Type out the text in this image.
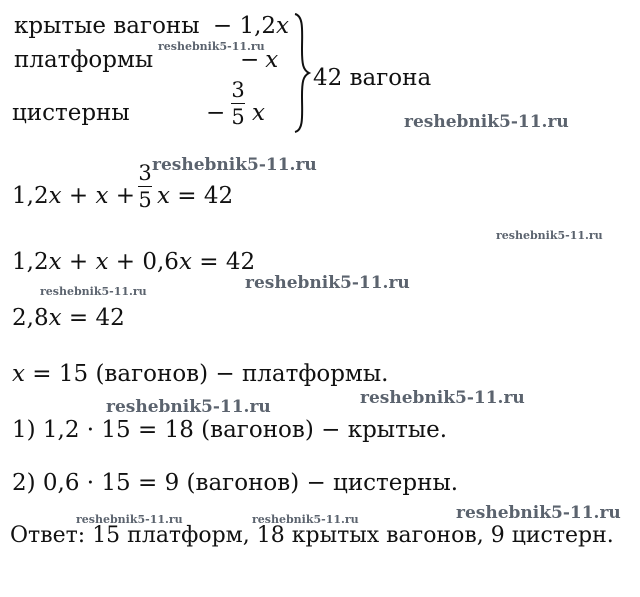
крытые вагоны − 1,2x
платформы	− x
цистерны	−
3
5 x
42 вагона
1,2x + x +
3
5 x = 42
1,2x + x + 0,6x = 42
2,8x = 42
x = 15 (вагонов) − платформы.
1) 1,2 · 15 = 18 (вагонов) − крытые.
2) 0,6 · 15 = 9 (вагонов) − цистерны.
Ответ: 15 платформ, 18 крытых вагонов, 9 цистерн.
reshebnik5-11.ru
reshebnik5-11.ru
reshebnik5-11.ru
reshebnik5-11.ru
reshebnik5-11.ru	reshebnik5-11.ru
reshebnik5-11.ru
reshebnik5-11.ru
reshebnik5-11.ru	reshebnik5-11.ru	reshebnik5-11.ru
